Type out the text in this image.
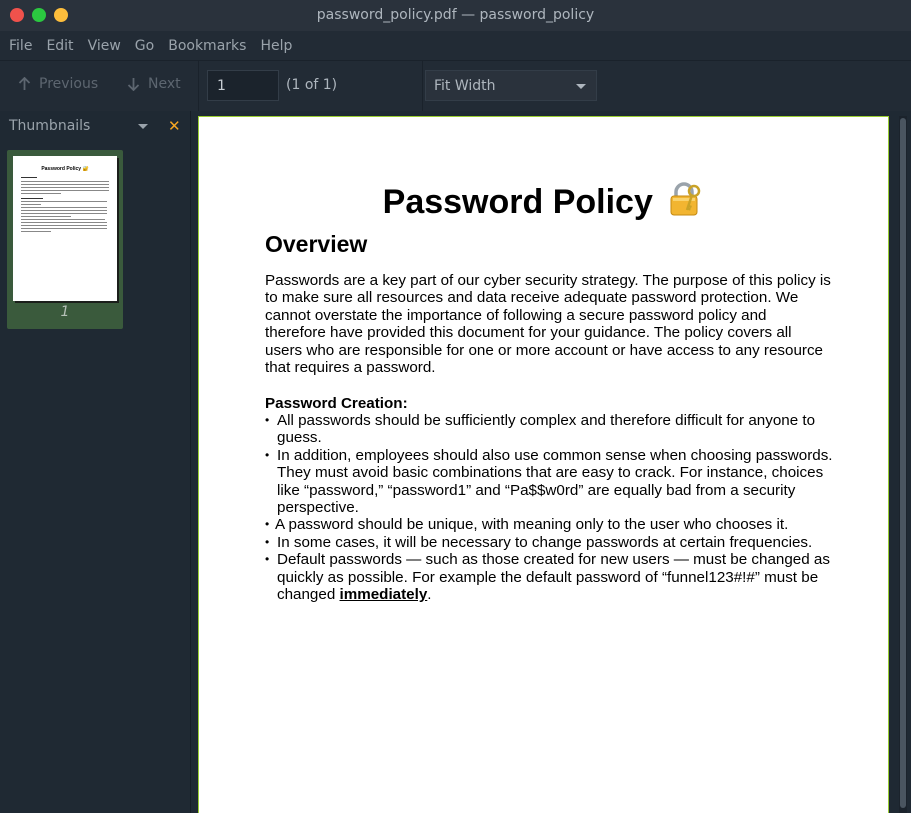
password_policy.pdf — password_policy
File	Edit	View	Go	Bookmarks	Help
Previous	Next
1	(1 of 1)	Fit Width
Thumbnails	✕
Password Policy 🔐
1
Password Policy
Overview
Passwords are a key part of our cyber security strategy. The purpose of this policy is to make sure all resources and data receive adequate password protection. We cannot overstate the importance of following a secure password policy and therefore have provided this document for your guidance. The policy covers all users who are responsible for one or more account or have access to any resource that requires a password.
Password Creation:
• All passwords should be sufficiently complex and therefore difficult for anyone to guess.
• In addition, employees should also use common sense when choosing passwords. They must avoid basic combinations that are easy to crack. For instance, choices like “password,” “password1” and “Pa$$w0rd” are equally bad from a security perspective.
• A password should be unique, with meaning only to the user who chooses it.
• In some cases, it will be necessary to change passwords at certain frequencies.
• Default passwords — such as those created for new users — must be changed as quickly as possible. For example the default password of “funnel123#!#” must be changed immediately.
